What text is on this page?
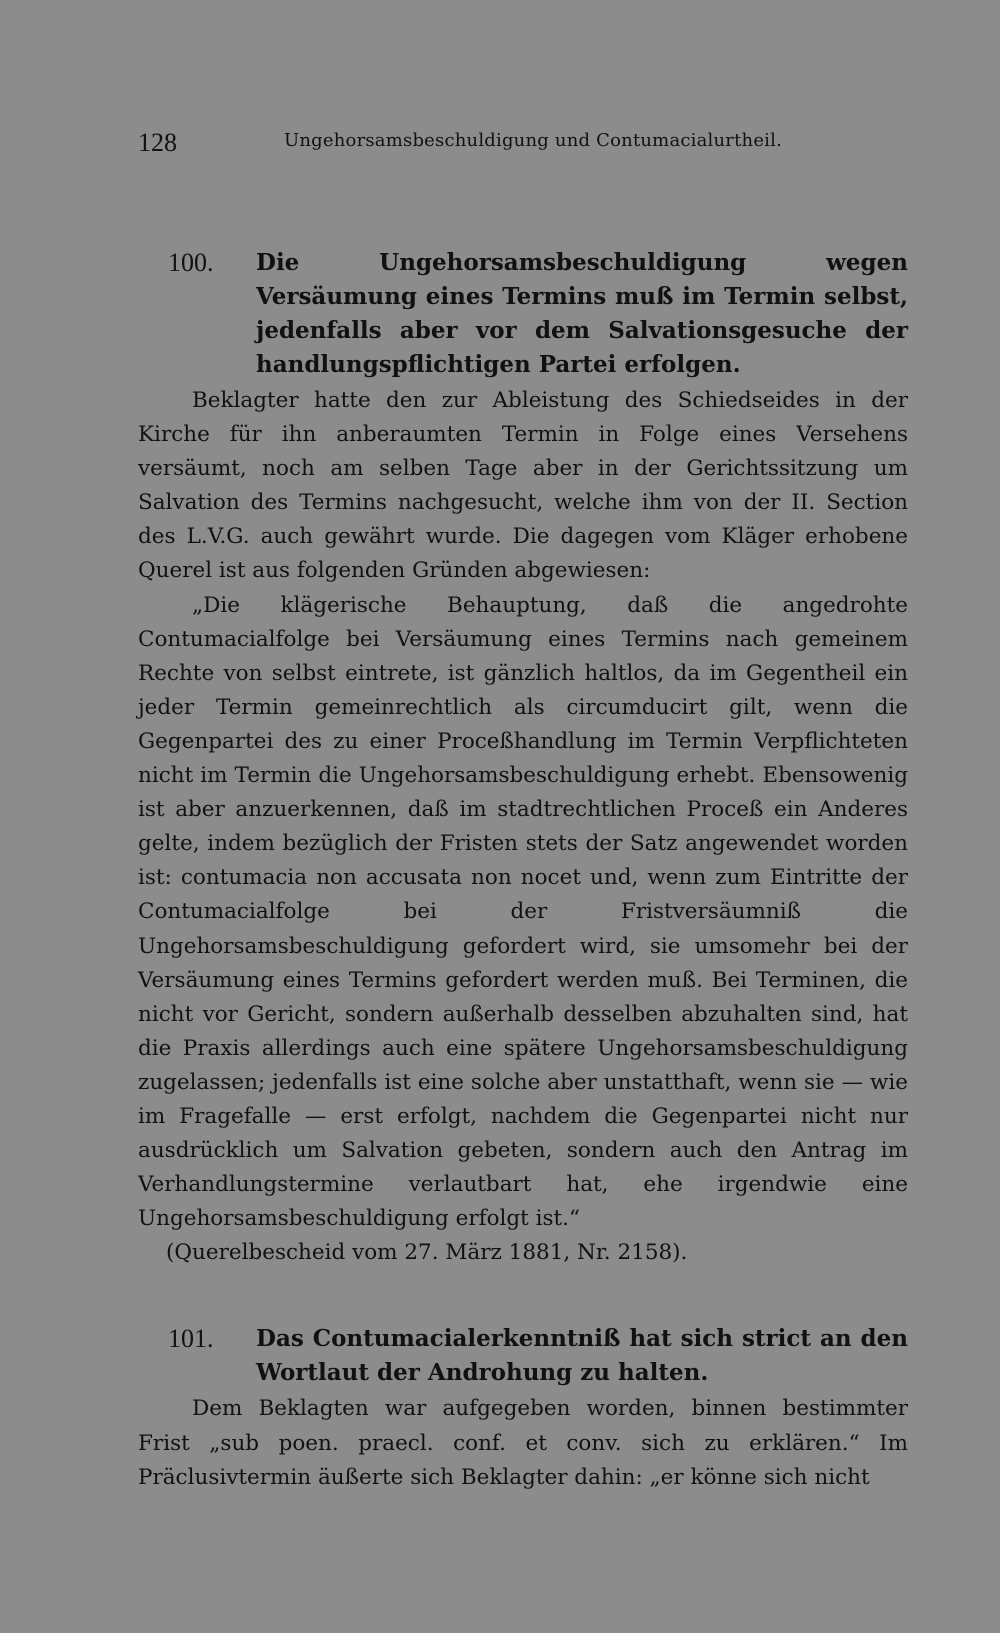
128	Ungehorsamsbeschuldigung und Contumacialurtheil.
100. Die Ungehorsamsbeschuldigung wegen Versäumung eines Termins muß im Termin selbst, jedenfalls aber vor dem Salvationsgesuche der handlungspflichtigen Partei erfolgen.

Beklagter hatte den zur Ableistung des Schiedseides in der Kirche für ihn anberaumten Termin in Folge eines Versehens versäumt, noch am selben Tage aber in der Gerichtssitzung um Salvation des Termins nachgesucht, welche ihm von der II. Section des L.V.G. auch gewährt wurde. Die dagegen vom Kläger erhobene Querel ist aus folgenden Gründen abgewiesen:

„Die klägerische Behauptung, daß die angedrohte Contumacialfolge bei Versäumung eines Termins nach gemeinem Rechte von selbst eintrete, ist gänzlich haltlos, da im Gegentheil ein jeder Termin gemeinrechtlich als circumducirt gilt, wenn die Gegenpartei des zu einer Proceßhandlung im Termin Verpflichteten nicht im Termin die Ungehorsamsbeschuldigung erhebt. Ebensowenig ist aber anzuerkennen, daß im stadtrechtlichen Proceß ein Anderes gelte, indem bezüglich der Fristen stets der Satz angewendet worden ist: contumacia non accusata non nocet und, wenn zum Eintritte der Contumacialfolge bei der Fristversäumniß die Ungehorsamsbeschuldigung gefordert wird, sie umsomehr bei der Versäumung eines Termins gefordert werden muß. Bei Terminen, die nicht vor Gericht, sondern außerhalb desselben abzuhalten sind, hat die Praxis allerdings auch eine spätere Ungehorsamsbeschuldigung zugelassen; jedenfalls ist eine solche aber unstatthaft, wenn sie — wie im Fragefalle — erst erfolgt, nachdem die Gegenpartei nicht nur ausdrücklich um Salvation gebeten, sondern auch den Antrag im Verhandlungstermine verlautbart hat, ehe irgendwie eine Ungehorsamsbeschuldigung erfolgt ist.“

(Querelbescheid vom 27. März 1881, Nr. 2158).

101. Das Contumacialerkenntniß hat sich strict an den Wortlaut der Androhung zu halten.

Dem Beklagten war aufgegeben worden, binnen bestimmter Frist „sub poen. praecl. conf. et conv. sich zu erklären.“ Im Präclusivtermin äußerte sich Beklagter dahin: „er könne sich nicht
